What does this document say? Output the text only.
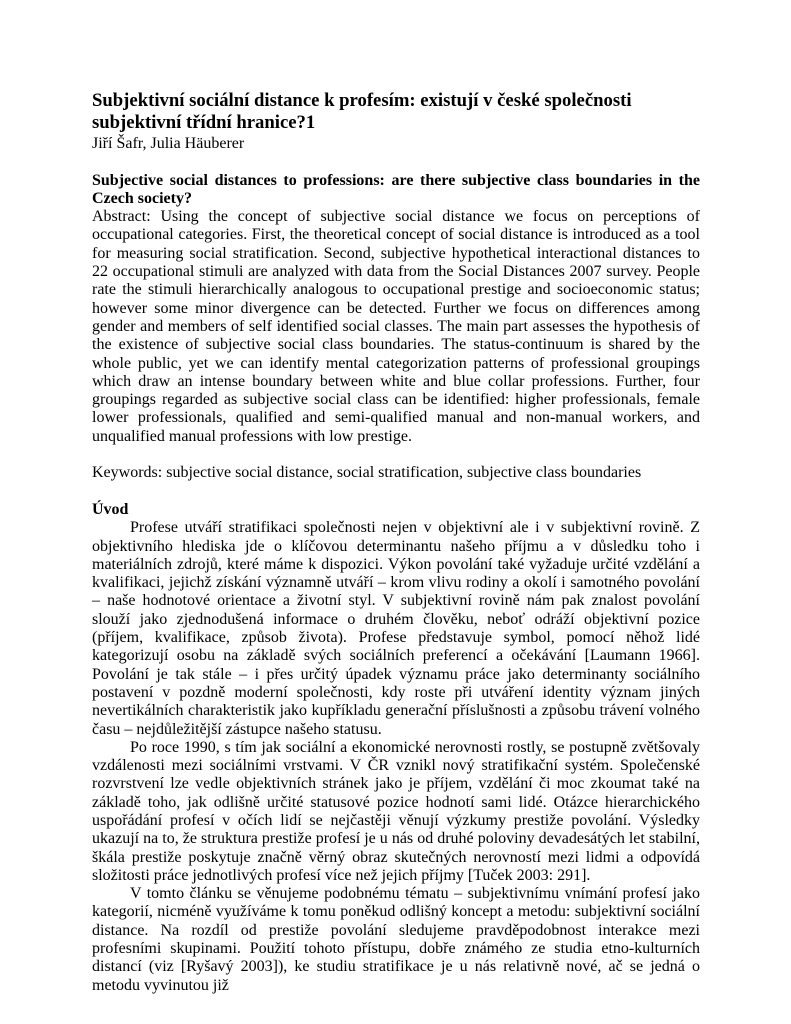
Subjektivní sociální distance k profesím: existují v české společnosti subjektivní třídní hranice?1

Jiří Šafr, Julia Häuberer

Subjective social distances to professions: are there subjective class boundaries in the Czech society?

Abstract: Using the concept of subjective social distance we focus on perceptions of occupational categories. First, the theoretical concept of social distance is introduced as a tool for measuring social stratification. Second, subjective hypothetical interactional distances to 22 occupational stimuli are analyzed with data from the Social Distances 2007 survey. People rate the stimuli hierarchically analogous to occupational prestige and socioeconomic status; however some minor divergence can be detected. Further we focus on differences among gender and members of self identified social classes. The main part assesses the hypothesis of the existence of subjective social class boundaries. The status-continuum is shared by the whole public, yet we can identify mental categorization patterns of professional groupings which draw an intense boundary between white and blue collar professions. Further, four groupings regarded as subjective social class can be identified: higher professionals, female lower professionals, qualified and semi-qualified manual and non-manual workers, and unqualified manual professions with low prestige.

Keywords: subjective social distance, social stratification, subjective class boundaries

Úvod

Profese utváří stratifikaci společnosti nejen v objektivní ale i v subjektivní rovině. Z objektivního hlediska jde o klíčovou determinantu našeho příjmu a v důsledku toho i materiálních zdrojů, které máme k dispozici. Výkon povolání také vyžaduje určité vzdělání a kvalifikaci, jejichž získání významně utváří – krom vlivu rodiny a okolí i samotného povolání – naše hodnotové orientace a životní styl. V subjektivní rovině nám pak znalost povolání slouží jako zjednodušená informace o druhém člověku, neboť odráží objektivní pozice (příjem, kvalifikace, způsob života). Profese představuje symbol, pomocí něhož lidé kategorizují osobu na základě svých sociálních preferencí a očekávání [Laumann 1966]. Povolání je tak stále – i přes určitý úpadek významu práce jako determinanty sociálního postavení v pozdně moderní společnosti, kdy roste při utváření identity význam jiných nevertikálních charakteristik jako kupříkladu generační příslušnosti a způsobu trávení volného času – nejdůležitější zástupce našeho statusu.

Po roce 1990, s tím jak sociální a ekonomické nerovnosti rostly, se postupně zvětšovaly vzdálenosti mezi sociálními vrstvami. V ČR vznikl nový stratifikační systém. Společenské rozvrstvení lze vedle objektivních stránek jako je příjem, vzdělání či moc zkoumat také na základě toho, jak odlišně určité statusové pozice hodnotí sami lidé. Otázce hierarchického uspořádání profesí v očích lidí se nejčastěji věnují výzkumy prestiže povolání. Výsledky ukazují na to, že struktura prestiže profesí je u nás od druhé poloviny devadesátých let stabilní, škála prestiže poskytuje značně věrný obraz skutečných nerovností mezi lidmi a odpovídá složitosti práce jednotlivých profesí více než jejich příjmy [Tuček 2003: 291].

V tomto článku se věnujeme podobnému tématu – subjektivnímu vnímání profesí jako kategorií, nicméně využíváme k tomu poněkud odlišný koncept a metodu: subjektivní sociální distance. Na rozdíl od prestiže povolání sledujeme pravděpodobnost interakce mezi profesními skupinami. Použití tohoto přístupu, dobře známého ze studia etno-kulturních distancí (viz [Ryšavý 2003]), ke studiu stratifikace je u nás relativně nové, ač se jedná o metodu vyvinutou již
